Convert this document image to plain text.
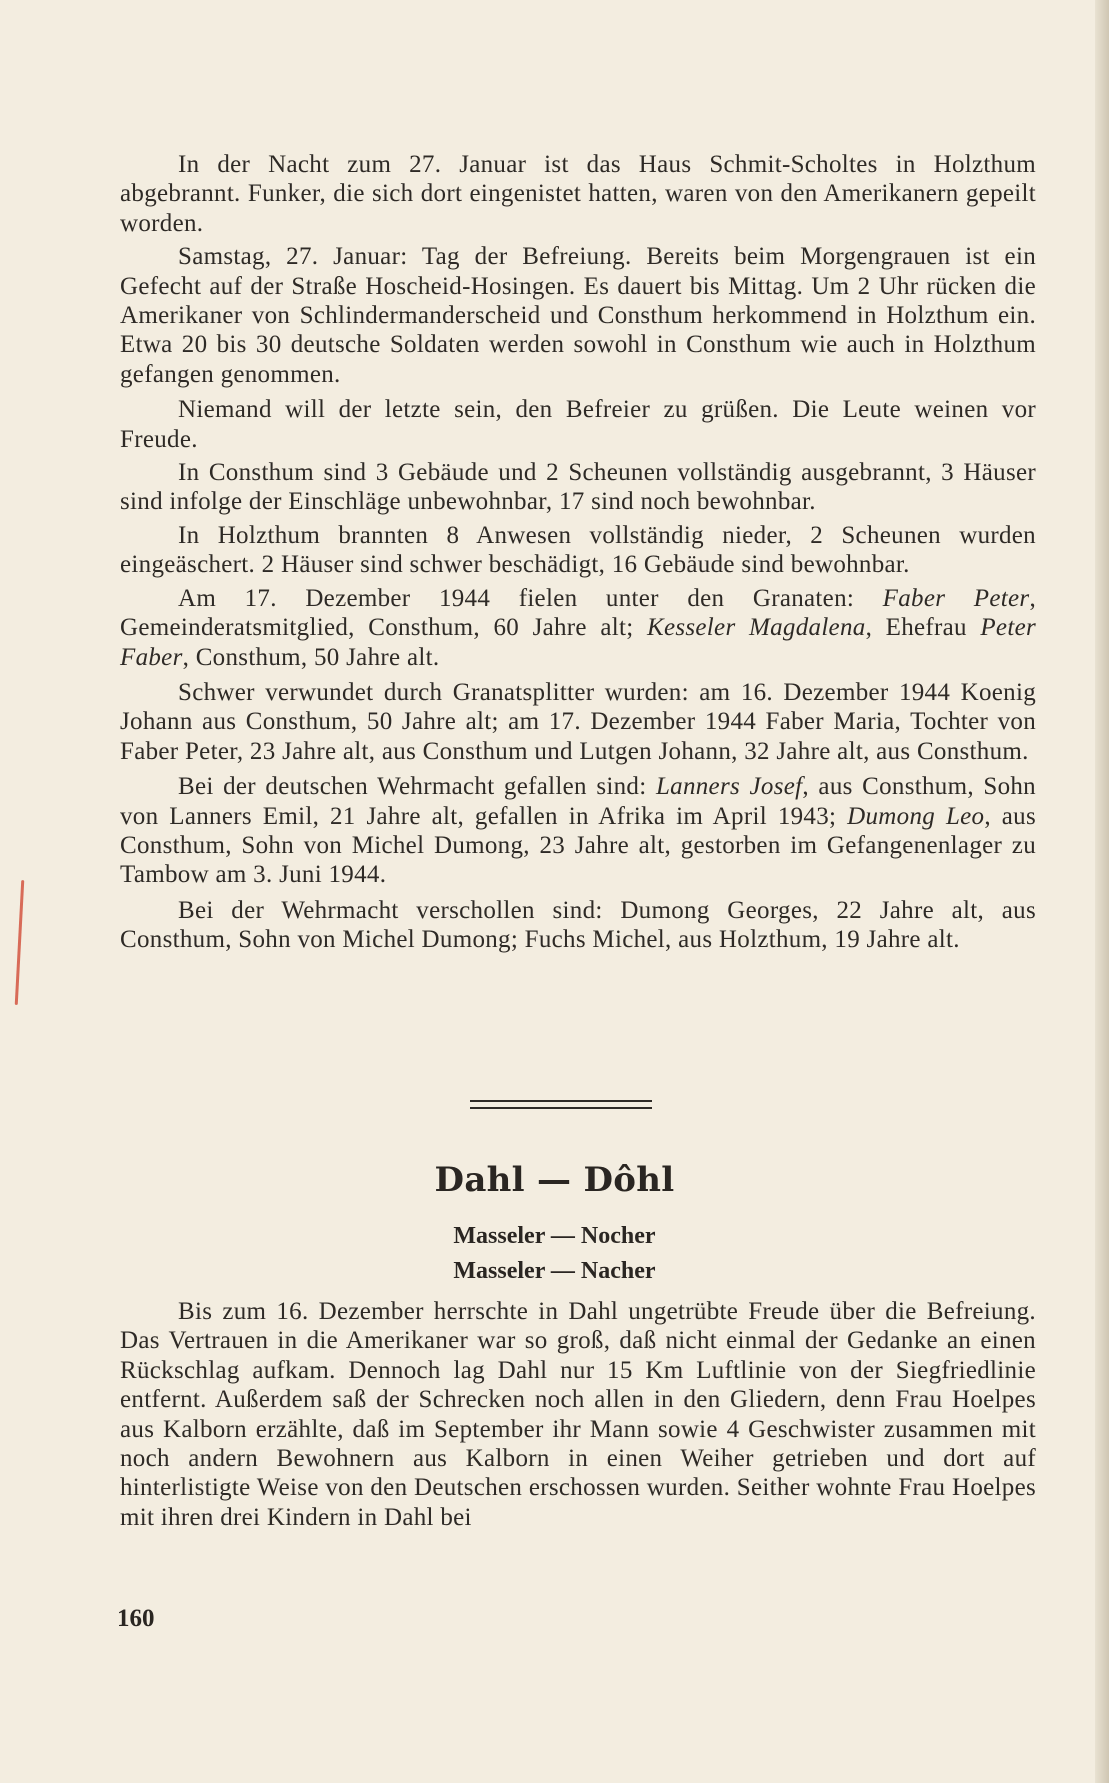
In der Nacht zum 27. Januar ist das Haus Schmit-Scholtes in Holzthum abgebrannt. Funker, die sich dort eingenistet hatten, waren von den Amerikanern gepeilt worden.

Samstag, 27. Januar: Tag der Befreiung. Bereits beim Morgengrauen ist ein Gefecht auf der Straße Hoscheid-Hosingen. Es dauert bis Mittag. Um 2 Uhr rücken die Amerikaner von Schlindermanderscheid und Consthum herkommend in Holzthum ein. Etwa 20 bis 30 deutsche Soldaten werden sowohl in Consthum wie auch in Holzthum gefangen genommen.

Niemand will der letzte sein, den Befreier zu grüßen. Die Leute weinen vor Freude.

In Consthum sind 3 Gebäude und 2 Scheunen vollständig ausgebrannt, 3 Häuser sind infolge der Einschläge unbewohnbar, 17 sind noch bewohnbar.

In Holzthum brannten 8 Anwesen vollständig nieder, 2 Scheunen wurden eingeäschert. 2 Häuser sind schwer beschädigt, 16 Gebäude sind bewohnbar.

Am 17. Dezember 1944 fielen unter den Granaten: Faber Peter, Gemeinderatsmitglied, Consthum, 60 Jahre alt; Kesseler Magdalena, Ehefrau Peter Faber, Consthum, 50 Jahre alt.

Schwer verwundet durch Granatsplitter wurden: am 16. Dezember 1944 Koenig Johann aus Consthum, 50 Jahre alt; am 17. Dezember 1944 Faber Maria, Tochter von Faber Peter, 23 Jahre alt, aus Consthum und Lutgen Johann, 32 Jahre alt, aus Consthum.

Bei der deutschen Wehrmacht gefallen sind: Lanners Josef, aus Consthum, Sohn von Lanners Emil, 21 Jahre alt, gefallen in Afrika im April 1943; Dumong Leo, aus Consthum, Sohn von Michel Dumong, 23 Jahre alt, gestorben im Gefangenenlager zu Tambow am 3. Juni 1944.

Bei der Wehrmacht verschollen sind: Dumong Georges, 22 Jahre alt, aus Consthum, Sohn von Michel Dumong; Fuchs Michel, aus Holzthum, 19 Jahre alt.

Dahl — Dôhl
Masseler — Nocher
Masseler — Nacher

Bis zum 16. Dezember herrschte in Dahl ungetrübte Freude über die Befreiung. Das Vertrauen in die Amerikaner war so groß, daß nicht einmal der Gedanke an einen Rückschlag aufkam. Dennoch lag Dahl nur 15 Km Luftlinie von der Siegfriedlinie entfernt. Außerdem saß der Schrecken noch allen in den Gliedern, denn Frau Hoelpes aus Kalborn erzählte, daß im September ihr Mann sowie 4 Geschwister zusammen mit noch andern Bewohnern aus Kalborn in einen Weiher getrieben und dort auf hinterlistigte Weise von den Deutschen erschossen wurden. Seither wohnte Frau Hoelpes mit ihren drei Kindern in Dahl bei

160
